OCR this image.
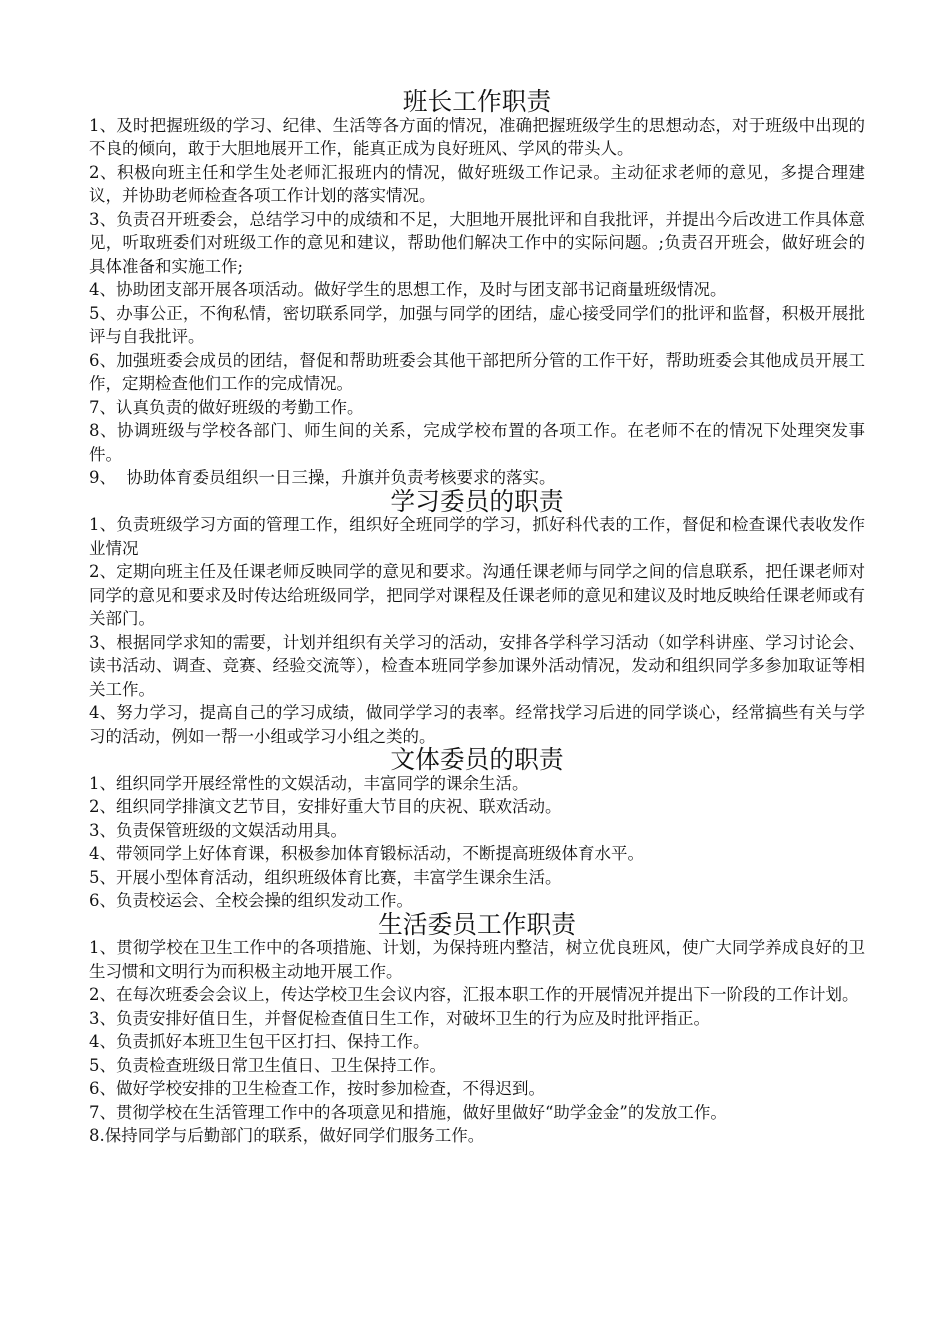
班长工作职责

1、及时把握班级的学习、纪律、生活等各方面的情况，准确把握班级学生的思想动态，对于班级中出现的不良的倾向，敢于大胆地展开工作，能真正成为良好班风、学风的带头人。

2、积极向班主任和学生处老师汇报班内的情况，做好班级工作记录。主动征求老师的意见，多提合理建议，并协助老师检查各项工作计划的落实情况。

3、负责召开班委会，总结学习中的成绩和不足，大胆地开展批评和自我批评，并提出今后改进工作具体意见，听取班委们对班级工作的意见和建议，帮助他们解决工作中的实际问题。;负责召开班会，做好班会的具体准备和实施工作;

4、协助团支部开展各项活动。做好学生的思想工作，及时与团支部书记商量班级情况。

5、办事公正，不徇私情，密切联系同学，加强与同学的团结，虚心接受同学们的批评和监督，积极开展批评与自我批评。

6、加强班委会成员的团结，督促和帮助班委会其他干部把所分管的工作干好，帮助班委会其他成员开展工作，定期检查他们工作的完成情况。

7、认真负责的做好班级的考勤工作。

8、协调班级与学校各部门、师生间的关系，完成学校布置的各项工作。在老师不在的情况下处理突发事件。

9、  协助体育委员组织一日三操，升旗并负责考核要求的落实。

学习委员的职责

1、负责班级学习方面的管理工作，组织好全班同学的学习，抓好科代表的工作，督促和检查课代表收发作业情况

2、定期向班主任及任课老师反映同学的意见和要求。沟通任课老师与同学之间的信息联系，把任课老师对同学的意见和要求及时传达给班级同学，把同学对课程及任课老师的意见和建议及时地反映给任课老师或有关部门。

3、根据同学求知的需要，计划并组织有关学习的活动，安排各学科学习活动（如学科讲座、学习讨论会、读书活动、调查、竞赛、经验交流等），检查本班同学参加课外活动情况，发动和组织同学多参加取证等相关工作。

4、努力学习，提高自己的学习成绩，做同学学习的表率。经常找学习后进的同学谈心，经常搞些有关与学习的活动，例如一帮一小组或学习小组之类的。

文体委员的职责

1、组织同学开展经常性的文娱活动，丰富同学的课余生活。

2、组织同学排演文艺节目，安排好重大节目的庆祝、联欢活动。

3、负责保管班级的文娱活动用具。

4、带领同学上好体育课，积极参加体育锻标活动，不断提高班级体育水平。

5、开展小型体育活动，组织班级体育比赛，丰富学生课余生活。

6、负责校运会、全校会操的组织发动工作。

生活委员工作职责

1、贯彻学校在卫生工作中的各项措施、计划，为保持班内整洁，树立优良班风，使广大同学养成良好的卫生习惯和文明行为而积极主动地开展工作。

2、在每次班委会会议上，传达学校卫生会议内容，汇报本职工作的开展情况并提出下一阶段的工作计划。

3、负责安排好值日生，并督促检查值日生工作，对破坏卫生的行为应及时批评指正。

4、负责抓好本班卫生包干区打扫、保持工作。

5、负责检查班级日常卫生值日、卫生保持工作。

6、做好学校安排的卫生检查工作，按时参加检查，不得迟到。

7、贯彻学校在生活管理工作中的各项意见和措施，做好里做好“助学金金”的发放工作。

8.保持同学与后勤部门的联系，做好同学们服务工作。
